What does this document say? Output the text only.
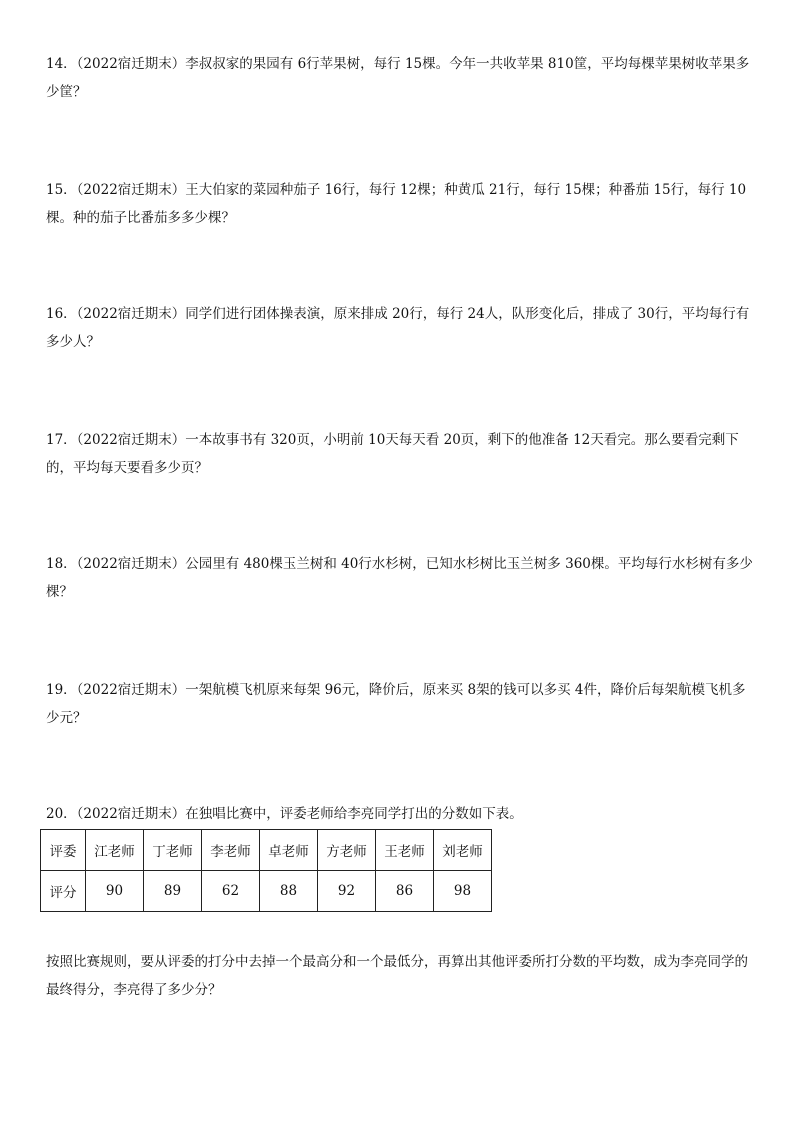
14．（2022宿迁期末）李叔叔家的果园有 6行苹果树，每行 15棵。今年一共收苹果 810筐，平均每棵苹果树收苹果多少筐？

15．（2022宿迁期末）王大伯家的菜园种茄子 16行，每行 12棵；种黄瓜 21行，每行 15棵；种番茄 15行，每行 10棵。种的茄子比番茄多多少棵？

16．（2022宿迁期末）同学们进行团体操表演，原来排成 20行，每行 24人，队形变化后，排成了 30行，平均每行有多少人？

17．（2022宿迁期末）一本故事书有 320页，小明前 10天每天看 20页，剩下的他准备 12天看完。那么要看完剩下的，平均每天要看多少页？

18．（2022宿迁期末）公园里有 480棵玉兰树和 40行水杉树，已知水杉树比玉兰树多 360棵。平均每行水杉树有多少棵？

19．（2022宿迁期末）一架航模飞机原来每架 96元，降价后，原来买 8架的钱可以多买 4件，降价后每架航模飞机多少元？

20．（2022宿迁期末）在独唱比赛中，评委老师给李亮同学打出的分数如下表。

评委	江老师	丁老师	李老师	卓老师	方老师	王老师	刘老师
评分	90	89	62	88	92	86	98

按照比赛规则，要从评委的打分中去掉一个最高分和一个最低分，再算出其他评委所打分数的平均数，成为李亮同学的最终得分，李亮得了多少分？
